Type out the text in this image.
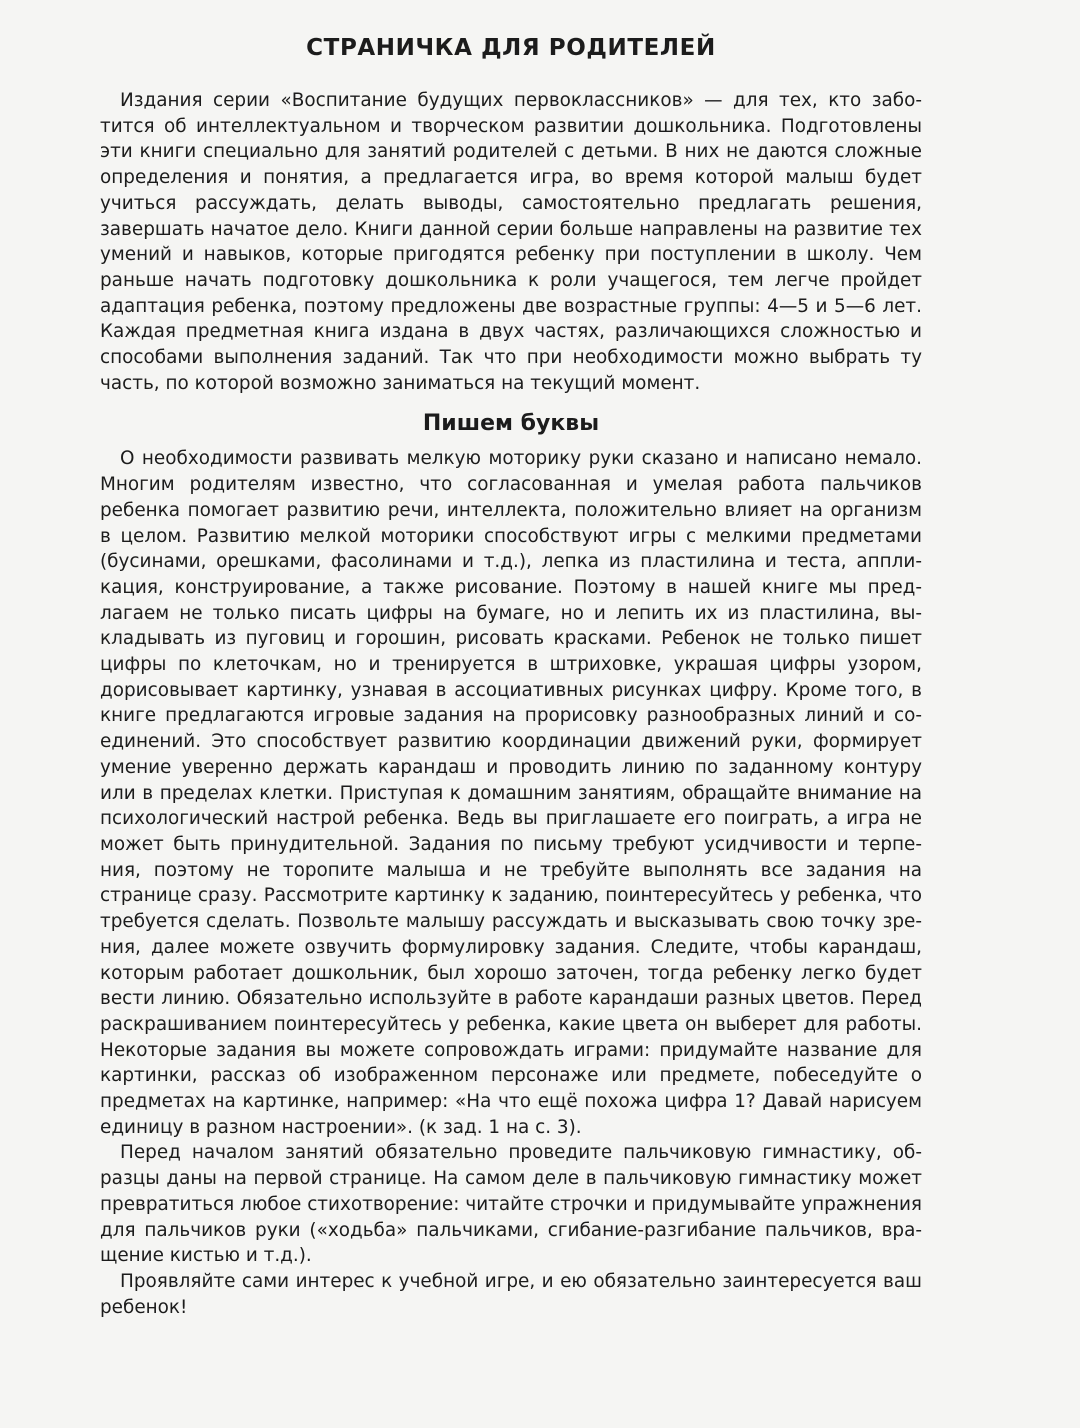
СТРАНИЧКА ДЛЯ РОДИТЕЛЕЙ

Издания серии «Воспитание будущих первоклассников» — для тех, кто заботится об интеллектуальном и творческом развитии дошкольника. Подготовлены эти книги специально для занятий родителей с детьми. В них не даются сложные определения и понятия, а предлагается игра, во время которой малыш будет учиться рассуждать, делать выводы, самостоятельно предлагать решения, завершать начатое дело. Книги данной серии больше направлены на развитие тех умений и навыков, которые пригодятся ребенку при поступлении в школу. Чем раньше начать подготовку дошкольника к роли учащегося, тем легче пройдет адаптация ребенка, поэтому предложены две возрастные группы: 4—5 и 5—6 лет. Каждая предметная книга издана в двух частях, различающихся сложностью и способами выполнения заданий. Так что при необходимости можно выбрать ту часть, по которой возможно заниматься на текущий момент.

Пишем буквы

О необходимости развивать мелкую моторику руки сказано и написано немало. Многим родителям известно, что согласованная и умелая работа пальчиков ребенка помогает развитию речи, интеллекта, положительно влияет на организм в целом. Развитию мелкой моторики способствуют игры с мелкими предметами (бусинами, орешками, фасолинами и т.д.), лепка из пластилина и теста, аппликация, конструирование, а также рисование. Поэтому в нашей книге мы предлагаем не только писать цифры на бумаге, но и лепить их из пластилина, выкладывать из пуговиц и горошин, рисовать красками. Ребенок не только пишет цифры по клеточкам, но и тренируется в штриховке, украшая цифры узором, дорисовывает картинку, узнавая в ассоциативных рисунках цифру. Кроме того, в книге предлагаются игровые задания на прорисовку разнообразных линий и соединений. Это способствует развитию координации движений руки, формирует умение уверенно держать карандаш и проводить линию по заданному контуру или в пределах клетки. Приступая к домашним занятиям, обращайте внимание на психологический настрой ребенка. Ведь вы приглашаете его поиграть, а игра не может быть принудительной. Задания по письму требуют усидчивости и терпения, поэтому не торопите малыша и не требуйте выполнять все задания на странице сразу. Рассмотрите картинку к заданию, поинтересуйтесь у ребенка, что требуется сделать. Позвольте малышу рассуждать и высказывать свою точку зрения, далее можете озвучить формулировку задания. Следите, чтобы карандаш, которым работает дошкольник, был хорошо заточен, тогда ребенку легко будет вести линию. Обязательно используйте в работе карандаши разных цветов. Перед раскрашиванием поинтересуйтесь у ребенка, какие цвета он выберет для работы. Некоторые задания вы можете сопровождать играми: придумайте название для картинки, рассказ об изображенном персонаже или предмете, побеседуйте о предметах на картинке, например: «На что ещё похожа цифра 1? Давай нарисуем единицу в разном настроении». (к зад. 1 на с. 3).

Перед началом занятий обязательно проведите пальчиковую гимнастику, образцы даны на первой странице. На самом деле в пальчиковую гимнастику может превратиться любое стихотворение: читайте строчки и придумывайте упражнения для пальчиков руки («ходьба» пальчиками, сгибание-разгибание пальчиков, вращение кистью и т.д.).

Проявляйте сами интерес к учебной игре, и ею обязательно заинтересуется ваш ребенок!
